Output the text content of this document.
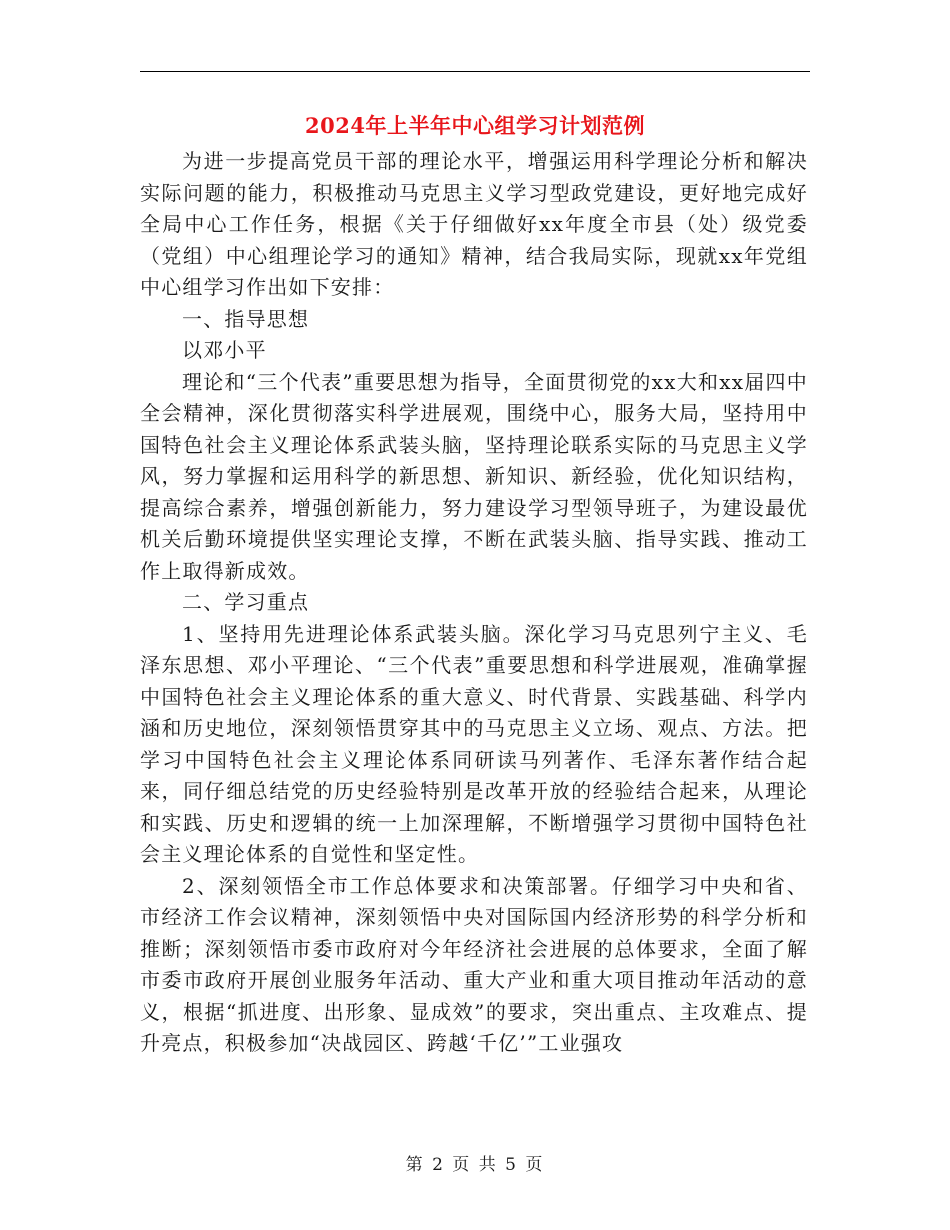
2024年上半年中心组学习计划范例

为进一步提高党员干部的理论水平，增强运用科学理论分析和解决实际问题的能力，积极推动马克思主义学习型政党建设，更好地完成好全局中心工作任务，根据《关于仔细做好xx年度全市县（处）级党委（党组）中心组理论学习的通知》精神，结合我局实际，现就xx年党组中心组学习作出如下安排：

一、指导思想

以邓小平

理论和“三个代表”重要思想为指导，全面贯彻党的xx大和xx届四中全会精神，深化贯彻落实科学进展观，围绕中心，服务大局，坚持用中国特色社会主义理论体系武装头脑，坚持理论联系实际的马克思主义学风，努力掌握和运用科学的新思想、新知识、新经验，优化知识结构，提高综合素养，增强创新能力，努力建设学习型领导班子，为建设最优机关后勤环境提供坚实理论支撑，不断在武装头脑、指导实践、推动工作上取得新成效。

二、学习重点

1、坚持用先进理论体系武装头脑。深化学习马克思列宁主义、毛泽东思想、邓小平理论、“三个代表”重要思想和科学进展观，准确掌握中国特色社会主义理论体系的重大意义、时代背景、实践基础、科学内涵和历史地位，深刻领悟贯穿其中的马克思主义立场、观点、方法。把学习中国特色社会主义理论体系同研读马列著作、毛泽东著作结合起来，同仔细总结党的历史经验特别是改革开放的经验结合起来，从理论和实践、历史和逻辑的统一上加深理解，不断增强学习贯彻中国特色社会主义理论体系的自觉性和坚定性。

2、深刻领悟全市工作总体要求和决策部署。仔细学习中央和省、市经济工作会议精神，深刻领悟中央对国际国内经济形势的科学分析和推断；深刻领悟市委市政府对今年经济社会进展的总体要求，全面了解市委市政府开展创业服务年活动、重大产业和重大项目推动年活动的意义，根据“抓进度、出形象、显成效”的要求，突出重点、主攻难点、提升亮点，积极参加“决战园区、跨越‘千亿’”工业强攻

第 2 页 共 5 页
